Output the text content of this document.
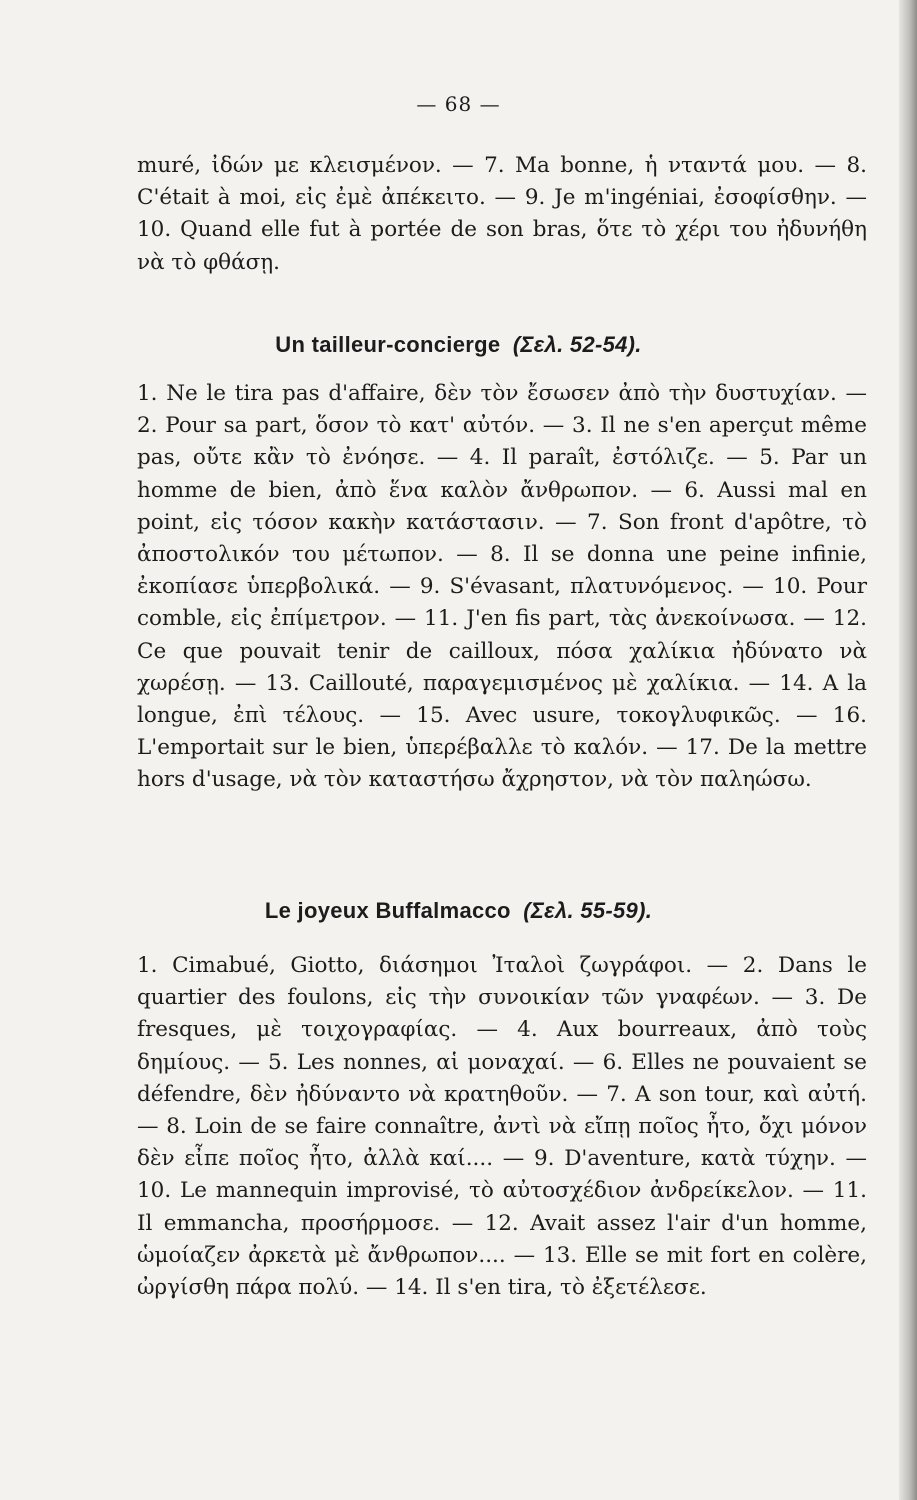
— 68 —

muré, ἰδών με κλεισμένον. — 7. Ma bonne, ἡ νταντά μου. — 8. C'était à moi, εἰς ἐμὲ ἀπέκειτο. — 9. Je m'ingéniai, ἐσοφίσθην. — 10. Quand elle fut à portée de son bras, ὅτε τὸ χέρι του ἠδυνήθη νὰ τὸ φθάσῃ.

Un tailleur-concierge (Σελ. 52-54).

1. Ne le tira pas d'affaire, δὲν τὸν ἔσωσεν ἀπὸ τὴν δυστυχίαν. — 2. Pour sa part, ὅσον τὸ κατ' αὐτόν. — 3. Il ne s'en aperçut même pas, οὔτε κἂν τὸ ἐνόησε. — 4. Il paraît, ἐστόλιζε. — 5. Par un homme de bien, ἀπὸ ἕνα καλὸν ἄνθρωπον. — 6. Aussi mal en point, εἰς τόσον κακὴν κατάστασιν. — 7. Son front d'apôtre, τὸ ἀποστολικόν του μέτωπον. — 8. Il se donna une peine infinie, ἐκοπίασε ὑπερβολικά. — 9. S'évasant, πλατυνόμενος. — 10. Pour comble, εἰς ἐπίμετρον. — 11. J'en fis part, τὰς ἀνεκοίνωσα. — 12. Ce que pouvait tenir de cailloux, πόσα χαλίκια ἠδύνατο νὰ χωρέσῃ. — 13. Caillouté, παραγεμισμένος μὲ χαλίκια. — 14. A la longue, ἐπὶ τέλους. — 15. Avec usure, τοκογλυφικῶς. — 16. L'emportait sur le bien, ὑπερέβαλλε τὸ καλόν. — 17. De la mettre hors d'usage, νὰ τὸν καταστήσω ἄχρηστον, νὰ τὸν παληώσω.

Le joyeux Buffalmacco (Σελ. 55-59).

1. Cimabué, Giotto, διάσημοι Ἰταλοὶ ζωγράφοι. — 2. Dans le quartier des foulons, εἰς τὴν συνοικίαν τῶν γναφέων. — 3. De fresques, μὲ τοιχογραφίας. — 4. Aux bourreaux, ἀπὸ τοὺς δημίους. — 5. Les nonnes, αἱ μοναχαί. — 6. Elles ne pouvaient se défendre, δὲν ἠδύναντο νὰ κρατηθοῦν. — 7. A son tour, καὶ αὐτή. — 8. Loin de se faire connaître, ἀντὶ νὰ εἴπῃ ποῖος ἦτο, ὄχι μόνον δὲν εἶπε ποῖος ἦτο, ἀλλὰ καί.... — 9. D'aventure, κατὰ τύχην. — 10. Le mannequin improvisé, τὸ αὐτοσχέδιον ἀνδρείκελον. — 11. Il emmancha, προσήρμοσε. — 12. Avait assez l'air d'un homme, ὡμοίαζεν ἀρκετὰ μὲ ἄνθρωπον.... — 13. Elle se mit fort en colère, ὠργίσθη πάρα πολύ. — 14. Il s'en tira, τὸ ἐξετέλεσε.
